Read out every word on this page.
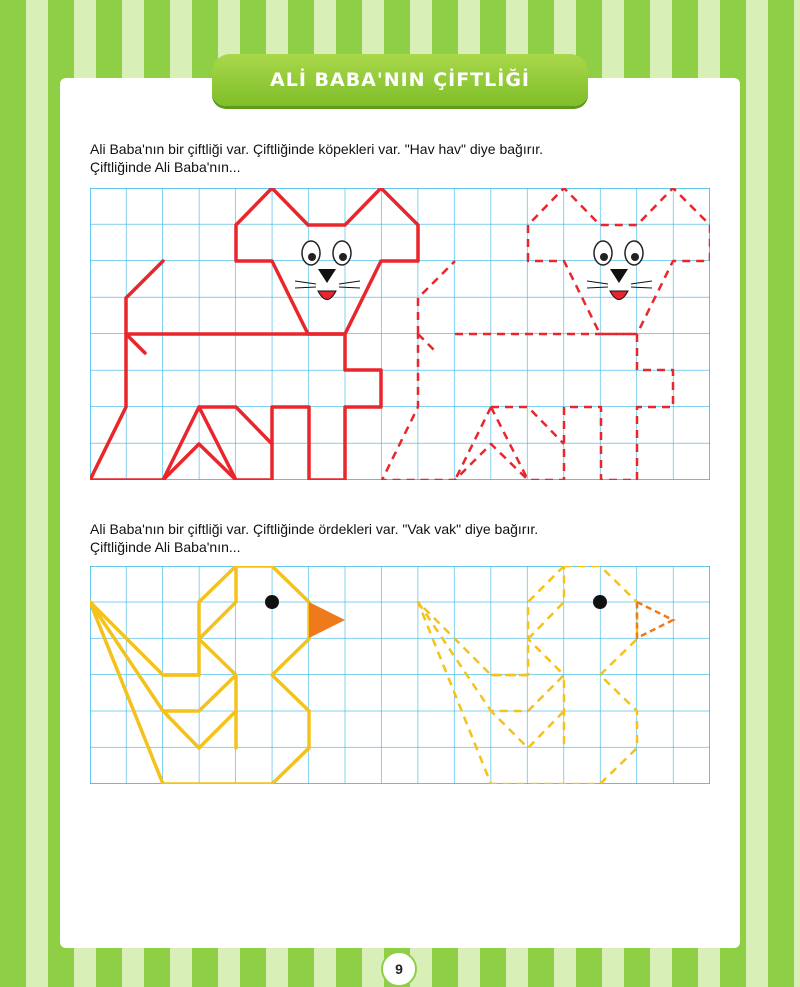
ALİ BABA'NIN ÇİFTLİĞİ
Ali Baba'nın bir çiftliği var. Çiftliğinde köpekleri var. "Hav hav" diye bağırır.
Çiftliğinde Ali Baba'nın...
Ali Baba'nın bir çiftliği var. Çiftliğinde ördekleri var. "Vak vak" diye bağırır.
Çiftliğinde Ali Baba'nın...
9
